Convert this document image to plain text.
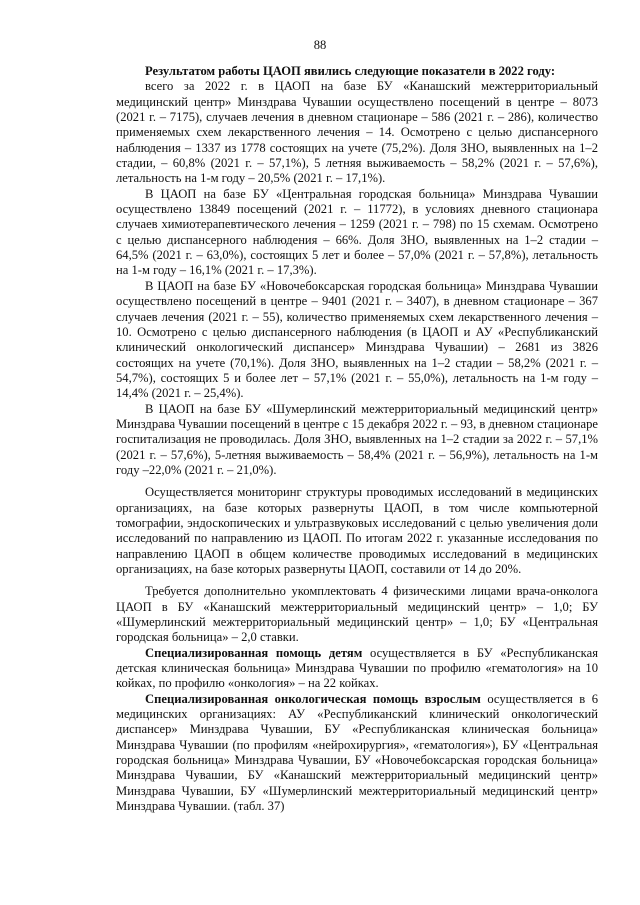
88

Результатом работы ЦАОП явились следующие показатели в 2022 году:

всего за 2022 г. в ЦАОП на базе БУ «Канашский межтерриториальный медицинский центр» Минздрава Чувашии осуществлено посещений в центре – 8073 (2021 г. – 7175), случаев лечения в дневном стационаре – 586 (2021 г. – 286), количество применяемых схем лекарственного лечения – 14. Осмотрено с целью диспансерного наблюдения – 1337 из 1778 состоящих на учете (75,2%). Доля ЗНО, выявленных на 1–2 стадии, – 60,8% (2021 г. – 57,1%), 5 летняя выживаемость – 58,2% (2021 г. – 57,6%), летальность на 1-м году – 20,5% (2021 г. – 17,1%).

В ЦАОП на базе БУ «Центральная городская больница» Минздрава Чувашии осуществлено 13849 посещений (2021 г. – 11772), в условиях дневного стационара случаев химиотерапевтического лечения – 1259 (2021 г. – 798) по 15 схемам. Осмотрено с целью диспансерного наблюдения – 66%. Доля ЗНО, выявленных на 1–2 стадии – 64,5% (2021 г. – 63,0%), состоящих 5 лет и более – 57,0% (2021 г. – 57,8%), летальность на 1-м году – 16,1% (2021 г. – 17,3%).

В ЦАОП на базе БУ «Новочебоксарская городская больница» Минздрава Чувашии осуществлено посещений в центре – 9401 (2021 г. – 3407), в дневном стационаре – 367 случаев лечения (2021 г. – 55), количество применяемых схем лекарственного лечения – 10. Осмотрено с целью диспансерного наблюдения (в ЦАОП и АУ «Республиканский клинический онкологический диспансер» Минздрава Чувашии) – 2681 из 3826 состоящих на учете (70,1%). Доля ЗНО, выявленных на 1–2 стадии – 58,2% (2021 г. – 54,7%), состоящих 5 и более лет – 57,1% (2021 г. – 55,0%), летальность на 1-м году – 14,4% (2021 г. – 25,4%).

В ЦАОП на базе БУ «Шумерлинский межтерриториальный медицинский центр» Минздрава Чувашии посещений в центре с 15 декабря 2022 г. – 93, в дневном стационаре госпитализация не проводилась. Доля ЗНО, выявленных на 1–2 стадии за 2022 г. – 57,1% (2021 г. – 57,6%), 5-летняя выживаемость – 58,4% (2021 г. – 56,9%), летальность на 1-м году –22,0% (2021 г. – 21,0%).

Осуществляется мониторинг структуры проводимых исследований в медицинских организациях, на базе которых развернуты ЦАОП, в том числе компьютерной томографии, эндоскопических и ультразвуковых исследований с целью увеличения доли исследований по направлению из ЦАОП. По итогам 2022 г. указанные исследования по направлению ЦАОП в общем количестве проводимых исследований в медицинских организациях, на базе которых развернуты ЦАОП, составили от 14 до 20%.

Требуется дополнительно укомплектовать 4 физическими лицами врача-онколога ЦАОП в БУ «Канашский межтерриториальный медицинский центр» – 1,0; БУ «Шумерлинский межтерриториальный медицинский центр» – 1,0; БУ «Центральная городская больница» – 2,0 ставки.

Специализированная помощь детям осуществляется в БУ «Республиканская детская клиническая больница» Минздрава Чувашии по профилю «гематология» на 10 койках, по профилю «онкология» – на 22 койках.

Специализированная онкологическая помощь взрослым осуществляется в 6 медицинских организациях: АУ «Республиканский клинический онкологический диспансер» Минздрава Чувашии, БУ «Республиканская клиническая больница» Минздрава Чувашии (по профилям «нейрохирургия», «гематология»), БУ «Центральная городская больница» Минздрава Чувашии, БУ «Новочебоксарская городская больница» Минздрава Чувашии, БУ «Канашский межтерриториальный медицинский центр» Минздрава Чувашии, БУ «Шумерлинский межтерриториальный медицинский центр» Минздрава Чувашии. (табл. 37)
